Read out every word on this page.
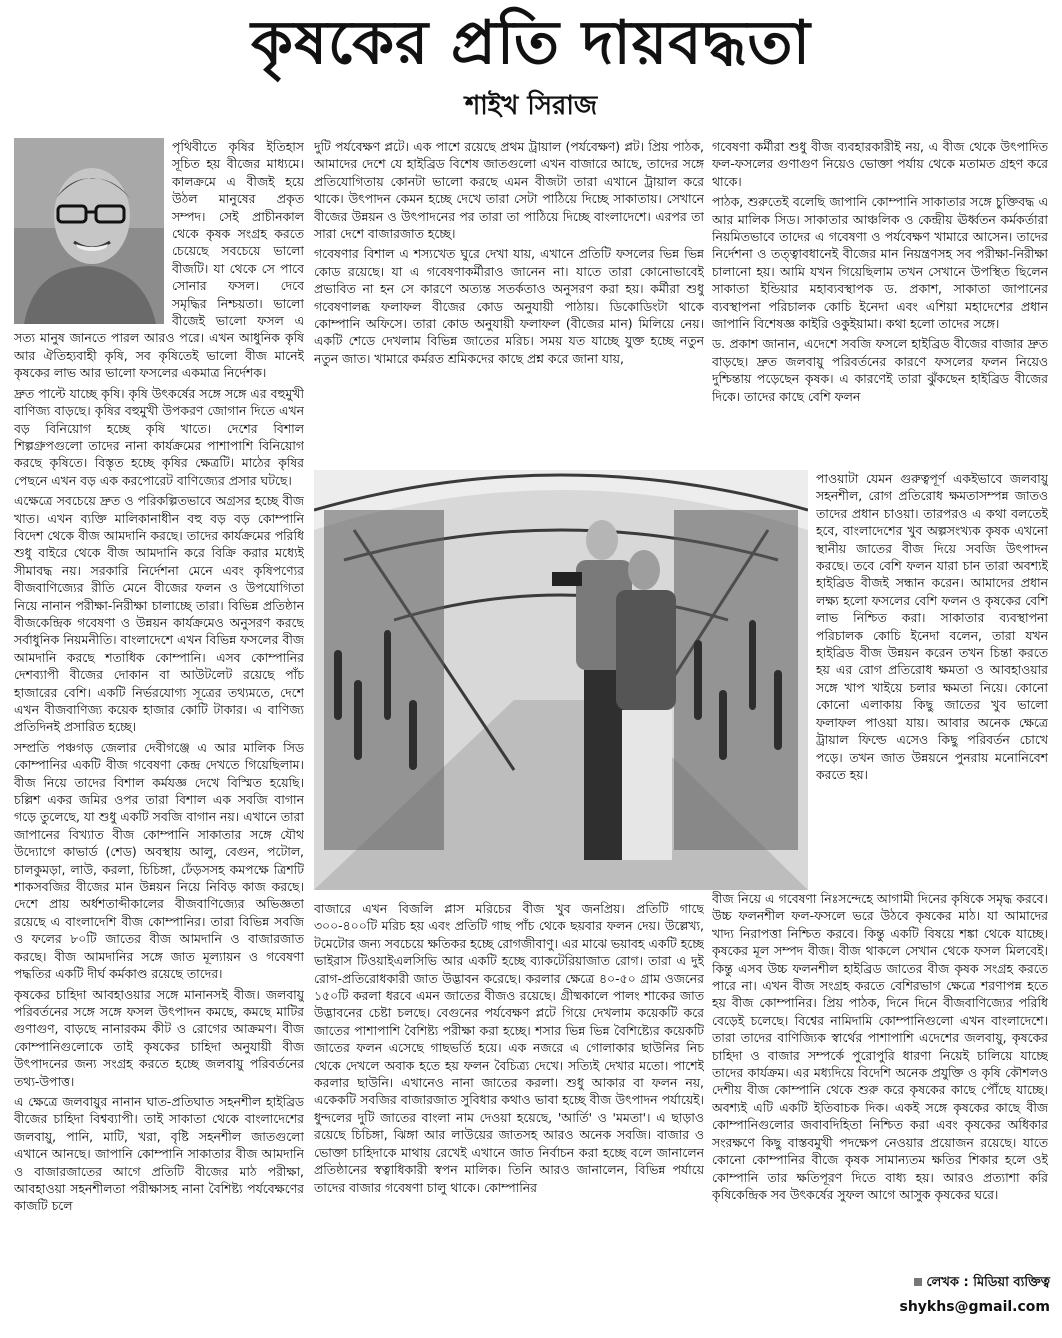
কৃষকের প্রতি দায়বদ্ধতা
শাইখ সিরাজ

পৃথিবীতে কৃষির ইতিহাস সূচিত হয় বীজের মাধ্যমে। কালক্রমে এ বীজই হয়ে উঠল মানুষের প্রকৃত সম্পদ। সেই প্রাচীনকাল থেকে কৃষক সংগ্রহ করতে চেয়েছে সবচেয়ে ভালো বীজটি। যা থেকে সে পাবে সোনার ফসল। দেবে সমৃদ্ধির নিশ্চয়তা। ভালো বীজেই ভালো ফসল এ সত্য মানুষ জানতে পারল আরও পরে। এখন আধুনিক কৃষি আর ঐতিহ্যবাহী কৃষি, সব কৃষিতেই ভালো বীজ মানেই কৃষকের লাভ আর ভালো ফসলের একমাত্র নির্দেশক।

দ্রুত পাল্টে যাচ্ছে কৃষি। কৃষি উৎকর্ষের সঙ্গে সঙ্গে এর বহুমুখী বাণিজ্য বাড়ছে। কৃষির বহুমুখী উপকরণ জোগান দিতে এখন বড় বিনিয়োগ হচ্ছে কৃষি খাতে। দেশের বিশাল শিল্পগ্রুপগুলো তাদের নানা কার্যক্রমের পাশাপাশি বিনিয়োগ করছে কৃষিতে। বিস্তৃত হচ্ছে কৃষির ক্ষেত্রটি। মাঠের কৃষির পেছনে এখন বড় এক করপোরেট বাণিজ্যের প্রসার ঘটছে।

এক্ষেত্রে সবচেয়ে দ্রুত ও পরিকল্পিতভাবে অগ্রসর হচ্ছে বীজ খাত। এখন ব্যক্তি মালিকানাধীন বহু বড় বড় কোম্পানি বিদেশ থেকে বীজ আমদানি করছে। তাদের কার্যক্রমের পরিধি শুধু বাইরে থেকে বীজ আমদানি করে বিক্রি করার মধ্যেই সীমাবদ্ধ নয়। সরকারি নির্দেশনা মেনে এবং কৃষিপণ্যের বীজবাণিজ্যের রীতি মেনে বীজের ফলন ও উপযোগিতা নিয়ে নানান পরীক্ষা-নিরীক্ষা চালাচ্ছে তারা। বিভিন্ন প্রতিষ্ঠান বীজকেন্দ্রিক গবেষণা ও উন্নয়ন কার্যক্রমেও অনুসরণ করছে সর্বাধুনিক নিয়মনীতি। বাংলাদেশে এখন বিভিন্ন ফসলের বীজ আমদানি করছে শতাধিক কোম্পানি। এসব কোম্পানির দেশব্যাপী বীজের দোকান বা আউটলেট রয়েছে পাঁচ হাজারের বেশি। একটি নির্ভরযোগ্য সূত্রের তথ্যমতে, দেশে এখন বীজবাণিজ্য কয়েক হাজার কোটি টাকার। এ বাণিজ্য প্রতিদিনই প্রসারিত হচ্ছে।

সম্প্রতি পঞ্চগড় জেলার দেবীগঞ্জে এ আর মালিক সিড কোম্পানির একটি বীজ গবেষণা কেন্দ্র দেখতে গিয়েছিলাম। বীজ নিয়ে তাদের বিশাল কর্মযজ্ঞ দেখে বিস্মিত হয়েছি। চল্লিশ একর জমির ওপর তারা বিশাল এক সবজি বাগান গড়ে তুলেছে, যা শুধু একটি সবজি বাগান নয়। এখানে তারা জাপানের বিখ্যাত বীজ কোম্পানি সাকাতার সঙ্গে যৌথ উদ্যোগে কাভার্ড (শেড) অবস্থায় আলু, বেগুন, পটোল, চালকুমড়া, লাউ, করলা, চিচিঙ্গা, ঢেঁড়সসহ কমপক্ষে ত্রিশটি শাকসবজির বীজের মান উন্নয়ন নিয়ে নিবিড় কাজ করছে। দেশে প্রায় অর্ধশতাব্দীকালের বীজবাণিজ্যের অভিজ্ঞতা রয়েছে এ বাংলাদেশি বীজ কোম্পানির। তারা বিভিন্ন সবজি ও ফলের ৮০টি জাতের বীজ আমদানি ও বাজারজাত করছে। বীজ আমদানির সঙ্গে জাত মূল্যায়ন ও গবেষণা পদ্ধতির একটি দীর্ঘ কর্মকাণ্ড রয়েছে তাদের।

কৃষকের চাহিদা আবহাওয়ার সঙ্গে মানানসই বীজ। জলবায়ু পরিবর্তনের সঙ্গে সঙ্গে ফসল উৎপাদন কমছে, কমছে মাটির গুণাগুণ, বাড়ছে নানারকম কীট ও রোগের আক্রমণ। বীজ কোম্পানিগুলোকে তাই কৃষকের চাহিদা অনুযায়ী বীজ উৎপাদনের জন্য সংগ্রহ করতে হচ্ছে জলবায়ু পরিবর্তনের তথ্য-উপাত্ত।

এ ক্ষেত্রে জলবায়ুর নানান ঘাত-প্রতিঘাত সহনশীল হাইব্রিড বীজের চাহিদা বিশ্বব্যাপী। তাই সাকাতা থেকে বাংলাদেশের জলবায়ু, পানি, মাটি, খরা, বৃষ্টি সহনশীল জাতগুলো এখানে আনছে। জাপানি কোম্পানি সাকাতার বীজ আমদানি ও বাজারজাতের আগে প্রতিটি বীজের মাঠ পরীক্ষা, আবহাওয়া সহনশীলতা পরীক্ষাসহ নানা বৈশিষ্ট্য পর্যবেক্ষণের কাজটি চলে

দুটি পর্যবেক্ষণ প্লটে। এক পাশে রয়েছে প্রথম ট্রায়াল (পর্যবেক্ষণ) প্লট। প্রিয় পাঠক, আমাদের দেশে যে হাইব্রিড বিশেষ জাতগুলো এখন বাজারে আছে, তাদের সঙ্গে প্রতিযোগিতায় কোনটা ভালো করছে এমন বীজটা তারা এখানে ট্রায়াল করে থাকে। উৎপাদন কেমন হচ্ছে দেখে তারা সেটা পাঠিয়ে দিচ্ছে সাকাতায়। সেখানে বীজের উন্নয়ন ও উৎপাদনের পর তারা তা পাঠিয়ে দিচ্ছে বাংলাদেশে। এরপর তা সারা দেশে বাজারজাত হচ্ছে।

গবেষণার বিশাল এ শস্যখেত ঘুরে দেখা যায়, এখানে প্রতিটি ফসলের ভিন্ন ভিন্ন কোড রয়েছে। যা এ গবেষণাকর্মীরাও জানেন না। যাতে তারা কোনোভাবেই প্রভাবিত না হন সে কারণে অত্যন্ত সতর্কতাও অনুসরণ করা হয়। কর্মীরা শুধু গবেষণালব্ধ ফলাফল বীজের কোড অনুযায়ী পাঠায়। ডিকোডিংটা থাকে কোম্পানি অফিসে। তারা কোড অনুযায়ী ফলাফল (বীজের মান) মিলিয়ে নেয়। একটি শেডে দেখলাম বিভিন্ন জাতের মরিচ। সময় যত যাচ্ছে যুক্ত হচ্ছে নতুন নতুন জাত। খামারে কর্মরত শ্রমিকদের কাছে প্রশ্ন করে জানা যায়,

গবেষণা কর্মীরা শুধু বীজ ব্যবহারকারীই নয়, এ বীজ থেকে উৎপাদিত ফল-ফসলের গুণাগুণ নিয়েও ভোক্তা পর্যায় থেকে মতামত গ্রহণ করে থাকে।

পাঠক, শুরুতেই বলেছি জাপানি কোম্পানি সাকাতার সঙ্গে চুক্তিবদ্ধ এ আর মালিক সিড। সাকাতার আঞ্চলিক ও কেন্দ্রীয় ঊর্ধ্বতন কর্মকর্তারা নিয়মিতভাবে তাদের এ গবেষণা ও পর্যবেক্ষণ খামারে আসেন। তাদের নির্দেশনা ও তত্ত্বাবধানেই বীজের মান নিয়ন্ত্রণসহ সব পরীক্ষা-নিরীক্ষা চালানো হয়। আমি যখন গিয়েছিলাম তখন সেখানে উপস্থিত ছিলেন সাকাতা ইন্ডিয়ার মহাব্যবস্থাপক ড. প্রকাশ, সাকাতা জাপানের ব্যবস্থাপনা পরিচালক কোচি ইনেদা এবং এশিয়া মহাদেশের প্রধান জাপানি বিশেষজ্ঞ কাইরি ওকুইয়ামা। কথা হলো তাদের সঙ্গে।

ড. প্রকাশ জানান, এদেশে সবজি ফসলে হাইব্রিড বীজের বাজার দ্রুত বাড়ছে। দ্রুত জলবায়ু পরিবর্তনের কারণে ফসলের ফলন নিয়েও দুশ্চিন্তায় পড়েছেন কৃষক। এ কারণেই তারা ঝুঁকছেন হাইব্রিড বীজের দিকে। তাদের কাছে বেশি ফলন

পাওয়াটা যেমন গুরুত্বপূর্ণ একইভাবে জলবায়ু সহনশীল, রোগ প্রতিরোধ ক্ষমতাসম্পন্ন জাতও তাদের প্রধান চাওয়া। তারপরও এ কথা বলতেই হবে, বাংলাদেশের খুব অল্পসংখ্যক কৃষক এখনো স্থানীয় জাতের বীজ দিয়ে সবজি উৎপাদন করছে। তবে বেশি ফলন যারা চান তারা অবশ্যই হাইব্রিড বীজই সন্ধান করেন। আমাদের প্রধান লক্ষ্য হলো ফসলের বেশি ফলন ও কৃষকের বেশি লাভ নিশ্চিত করা। সাকাতার ব্যবস্থাপনা পরিচালক কোচি ইনেদা বলেন, তারা যখন হাইব্রিড বীজ উন্নয়ন করেন তখন চিন্তা করতে হয় এর রোগ প্রতিরোধ ক্ষমতা ও আবহাওয়ার সঙ্গে খাপ খাইয়ে চলার ক্ষমতা নিয়ে। কোনো কোনো এলাকায় কিছু জাতের খুব ভালো ফলাফল পাওয়া যায়। আবার অনেক ক্ষেত্রে ট্রায়াল ফিল্ডে এসেও কিছু পরিবর্তন চোখে পড়ে। তখন জাত উন্নয়নে পুনরায় মনোনিবেশ করতে হয়।

বাজারে এখন বিজলি প্লাস মরিচের বীজ খুব জনপ্রিয়। প্রতিটি গাছে ৩০০-৪০০টি মরিচ হয় এবং প্রতিটি গাছ পাঁচ থেকে ছয়বার ফলন দেয়। উল্লেখ্য, টমেটোর জন্য সবচেয়ে ক্ষতিকর হচ্ছে রোগজীবাণু। এর মাঝে ভয়াবহ একটি হচ্ছে ভাইরাস টিওয়াইএলসিভি আর একটি হচ্ছে ব্যাকটেরিয়াজাত রোগ। তারা এ দুই রোগ-প্রতিরোধকারী জাত উদ্ভাবন করেছে। করলার ক্ষেত্রে ৪০-৫০ গ্রাম ওজনের ১৫০টি করলা ধরবে এমন জাতের বীজও রয়েছে। গ্রীষ্মকালে পালং শাকের জাত উদ্ভাবনের চেষ্টা চলছে। বেগুনের পর্যবেক্ষণ প্লটে গিয়ে দেখলাম কয়েকটি করে জাতের পাশাপাশি বৈশিষ্ট্য পরীক্ষা করা হচ্ছে। শসার ভিন্ন ভিন্ন বৈশিষ্ট্যের কয়েকটি জাতের ফলন এসেছে গাছভর্তি হয়ে। এক নজরে এ গোলাকার ছাউনির নিচ থেকে দেখলে অবাক হতে হয় ফলন বৈচিত্র্য দেখে। সত্যিই দেখার মতো। পাশেই করলার ছাউনি। এখানেও নানা জাতের করলা। শুধু আকার বা ফলন নয়, একেকটি সবজির বাজারজাত সুবিধার কথাও ভাবা হচ্ছে বীজ উৎপাদন পর্যায়েই। ধুন্দলের দুটি জাতের বাংলা নাম দেওয়া হয়েছে, 'আর্তি' ও 'মমতা'। এ ছাড়াও রয়েছে চিচিঙ্গা, ঝিঙ্গা আর লাউয়ের জাতসহ আরও অনেক সবজি। বাজার ও ভোক্তা চাহিদাকে মাথায় রেখেই এখানে জাত নির্বাচন করা হচ্ছে বলে জানালেন প্রতিষ্ঠানের স্বত্বাধিকারী স্বপন মালিক। তিনি আরও জানালেন, বিভিন্ন পর্যায়ে তাদের বাজার গবেষণা চালু থাকে। কোম্পানির

বীজ নিয়ে এ গবেষণা নিঃসন্দেহে আগামী দিনের কৃষিকে সমৃদ্ধ করবে। উচ্চ ফলনশীল ফল-ফসলে ভরে উঠবে কৃষকের মাঠ। যা আমাদের খাদ্য নিরাপত্তা নিশ্চিত করবে। কিন্তু একটি বিষয়ে শঙ্কা থেকে যাচ্ছে। কৃষকের মূল সম্পদ বীজ। বীজ থাকলে সেখান থেকে ফসল মিলবেই। কিন্তু এসব উচ্চ ফলনশীল হাইব্রিড জাতের বীজ কৃষক সংগ্রহ করতে পারে না। এখন বীজ সংগ্রহ করতে বেশিরভাগ ক্ষেত্রে শরণাপন্ন হতে হয় বীজ কোম্পানির। প্রিয় পাঠক, দিনে দিনে বীজবাণিজ্যের পরিধি বেড়েই চলেছে। বিশ্বের নামিদামি কোম্পানিগুলো এখন বাংলাদেশে। তারা তাদের বাণিজ্যিক স্বার্থের পাশাপাশি এদেশের জলবায়ু, কৃষকের চাহিদা ও বাজার সম্পর্কে পুরোপুরি ধারণা নিয়েই চালিয়ে যাচ্ছে তাদের কার্যক্রম। এর মধ্যদিয়ে বিদেশি অনেক প্রযুক্তি ও কৃষি কৌশলও দেশীয় বীজ কোম্পানি থেকে শুরু করে কৃষকের কাছে পৌঁছে যাচ্ছে। অবশ্যই এটি একটি ইতিবাচক দিক। একই সঙ্গে কৃষকের কাছে বীজ কোম্পানিগুলোর জবাবদিহিতা নিশ্চিত করা এবং কৃষকের অধিকার সংরক্ষণে কিছু বাস্তবমুখী পদক্ষেপ নেওয়ার প্রয়োজন রয়েছে। যাতে কোনো কোম্পানির বীজে কৃষক সামান্যতম ক্ষতির শিকার হলে ওই কোম্পানি তার ক্ষতিপূরণ দিতে বাধ্য হয়। আরও প্রত্যাশা করি কৃষিকেন্দ্রিক সব উৎকর্ষের সুফল আগে আসুক কৃষকের ঘরে।

লেখক : মিডিয়া ব্যক্তিত্ব
shykhs@gmail.com
